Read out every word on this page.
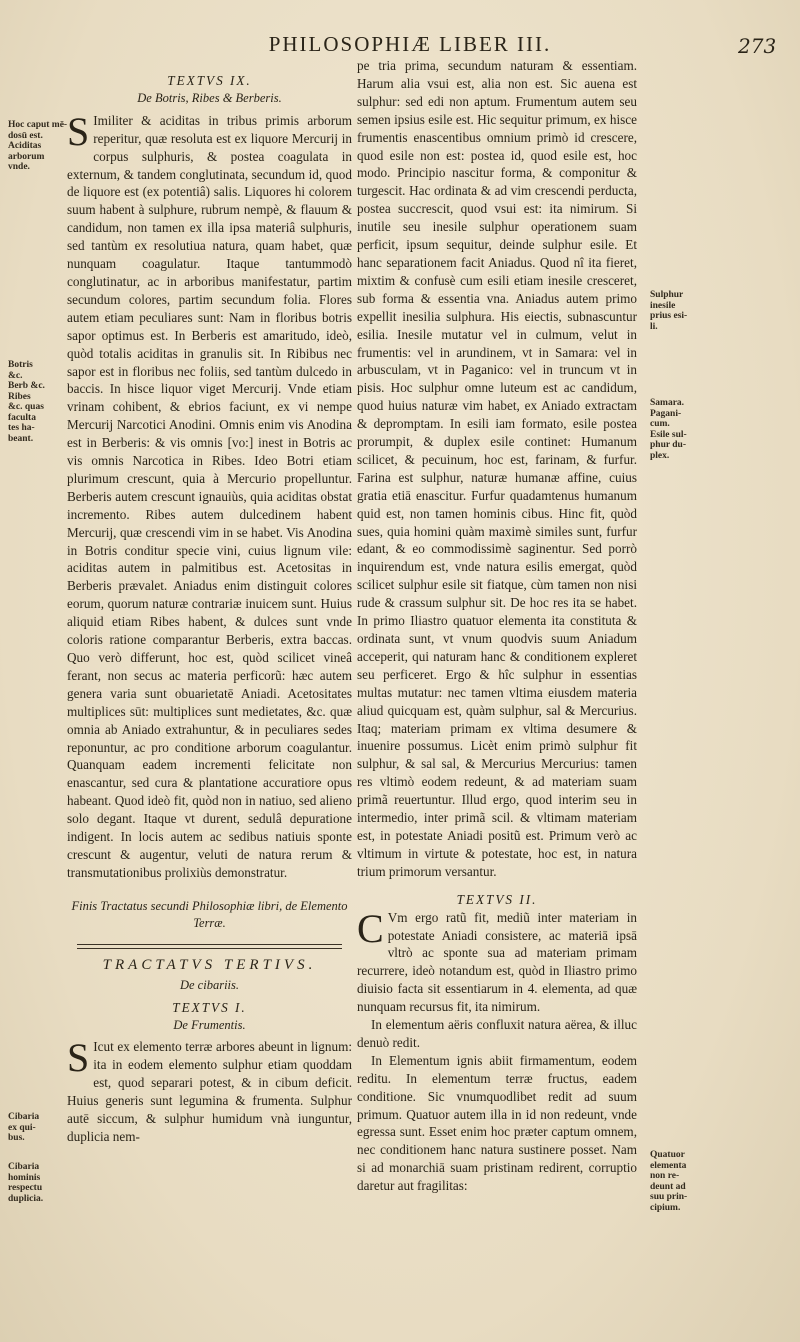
PHILOSOPHIÆ LIBER III.	273

TEXTVS IX.

De Botris, Ribes & Berberis.

S Imiliter & aciditas in tribus primis arborum reperitur, quæ resoluta est ex liquore Mercurij in corpus sulphuris, & postea coagulata in externum, & tandem conglutinata, secundum id, quod de liquore est (ex potentiâ) salis. Liquores hi colorem suum habent à sulphure, rubrum nempè, & flauum & candidum, non tamen ex illa ipsa materiâ sulphuris, sed tantùm ex resolutiua natura, quam habet, quæ nunquam coagulatur. Itaque tantummodò conglutinatur, ac in arboribus manifestatur, partim secundum colores, partim secundum folia. Flores autem etiam peculiares sunt: Nam in floribus botris sapor optimus est. In Berberis est amaritudo, ideò, quòd totalis aciditas in granulis sit. In Ribibus nec sapor est in floribus nec foliis, sed tantùm dulcedo in baccis. In hisce liquor viget Mercurij. Vnde etiam vrinam cohibent, & ebrios faciunt, ex vi nempe Mercurij Narcotici Anodini. Omnis enim vis Anodina est in Berberis: & vis omnis [vo:] inest in Botris ac vis omnis Narcotica in Ribes. Ideo Botri etiam plurimum crescunt, quia à Mercurio propelluntur. Berberis autem crescunt ignauiùs, quia aciditas obstat incremento. Ribes autem dulcedinem habent Mercurij, quæ crescendi vim in se habet. Vis Anodina in Botris conditur specie vini, cuius lignum vile: aciditas autem in palmitibus est. Acetositas in Berberis prævalet. Aniadus enim distinguit colores eorum, quorum naturæ contrariæ inuicem sunt. Huius aliquid etiam Ribes habent, & dulces sunt vnde coloris ratione comparantur Berberis, extra baccas. Quo verò differunt, hoc est, quòd scilicet vineâ ferant, non secus ac materia perficorũ: hæc autem genera varia sunt obuarietatē Aniadi. Acetositates multiplices sūt: multiplices sunt medietates, &c. quæ omnia ab Aniado extrahuntur, & in peculiares sedes reponuntur, ac pro conditione arborum coagulantur. Quanquam eadem incrementi felicitate non enascantur, sed cura & plantatione accuratiore opus habeant. Quod ideò fit, quòd non in natiuo, sed alieno solo degant. Itaque vt durent, sedulâ depuratione indigent. In locis autem ac sedibus natiuis sponte crescunt & augentur, veluti de natura rerum & transmutationibus prolixiùs demonstratur.

Finis Tractatus secundi Philosophiæ libri, de Elemento Terræ.

TRACTATVS TERTIVS.

De cibariis.

TEXTVS I.

De Frumentis.

S Icut ex elemento terræ arbores abeunt in lignum: ita in eodem elemento sulphur etiam quoddam est, quod separari potest, & in cibum deficit. Huius generis sunt legumina & frumenta. Sulphur autē siccum, & sulphur humidum vnà iunguntur, duplicia nem-

pe tria prima, secundum naturam & essentiam. Harum alia vsui est, alia non est. Sic auena est sulphur: sed edi non aptum. Frumentum autem seu semen ipsius esile est. Hic sequitur primum, ex hisce frumentis enascentibus omnium primò id crescere, quod esile non est: postea id, quod esile est, hoc modo. Principio nascitur forma, & componitur & turgescit. Hac ordinata & ad vim crescendi perducta, postea succrescit, quod vsui est: ita nimirum. Si inutile seu inesile sulphur operationem suam perficit, ipsum sequitur, deinde sulphur esile. Et hanc separationem facit Aniadus. Quod nî ita fieret, mixtim & confusè cum esili etiam inesile cresceret, sub forma & essentia vna. Aniadus autem primo expellit inesilia sulphura. His eiectis, subnascuntur esilia. Inesile mutatur vel in culmum, velut in frumentis: vel in arundinem, vt in Samara: vel in arbusculam, vt in Paganico: vel in truncum vt in pisis. Hoc sulphur omne luteum est ac candidum, quod huius naturæ vim habet, ex Aniado extractam & depromptam. In esili iam formato, esile postea prorumpit, & duplex esile continet: Humanum scilicet, & pecuinum, hoc est, farinam, & furfur. Farina est sulphur, naturæ humanæ affine, cuius gratia etiā enascitur. Furfur quadamtenus humanum quid est, non tamen hominis cibus. Hinc fit, quòd sues, quia homini quàm maximè similes sunt, furfur edant, & eo commodissimè saginentur. Sed porrò inquirendum est, vnde natura esilis emergat, quòd scilicet sulphur esile sit fiatque, cùm tamen non nisi rude & crassum sulphur sit. De hoc res ita se habet. In primo Iliastro quatuor elementa ita constituta & ordinata sunt, vt vnum quodvis suum Aniadum acceperit, qui naturam hanc & conditionem expleret seu perficeret. Ergo & hîc sulphur in essentias multas mutatur: nec tamen vltima eiusdem materia aliud quicquam est, quàm sulphur, sal & Mercurius. Itaq; materiam primam ex vltima desumere & inuenire possumus. Licèt enim primò sulphur fit sulphur, & sal sal, & Mercurius Mercurius: tamen res vltimò eodem redeunt, & ad materiam suam primã reuertuntur. Illud ergo, quod interim seu in intermedio, inter primã scil. & vltimam materiam est, in potestate Aniadi positũ est. Primum verò ac vltimum in virtute & potestate, hoc est, in natura trium primorum versantur.

TEXTVS II.

C Vm ergo ratũ fit, mediũ inter materiam in potestate Aniadi consistere, ac materiā ipsā vltrò ac sponte sua ad materiam primam recurrere, ideò notandum est, quòd in Iliastro primo diuisio facta sit essentiarum in 4. elementa, ad quæ nunquam recursus fit, ita nimirum.

In elementum aëris confluxit natura aërea, & illuc denuò redit.

In Elementum ignis abiit firmamentum, eodem reditu. In elementum terræ fructus, eadem conditione. Sic vnumquodlibet redit ad suum primum. Quatuor autem illa in id non redeunt, vnde egressa sunt. Esset enim hoc præter captum omnem, nec conditionem hanc natura sustinere posset. Nam si ad monarchiā suam pristinam redirent, corruptio daretur aut fragilitas:

Hoc caput mē-
dosū est.
Aciditas
arborum
vnde.
Botris
&c.
Berb &c.
Ribes
&c. quas
faculta
tes ha-
beant.
Cibaria
ex qui-
bus.
Cibaria
hominis
respectu
duplicia.
Sulphur
inesile
prius esi-
li.
Samara.
Pagani-
cum.
Esile sul-
phur du-
plex.
Quatuor
elementa
non re-
deunt ad
suu prin-
cipium.
